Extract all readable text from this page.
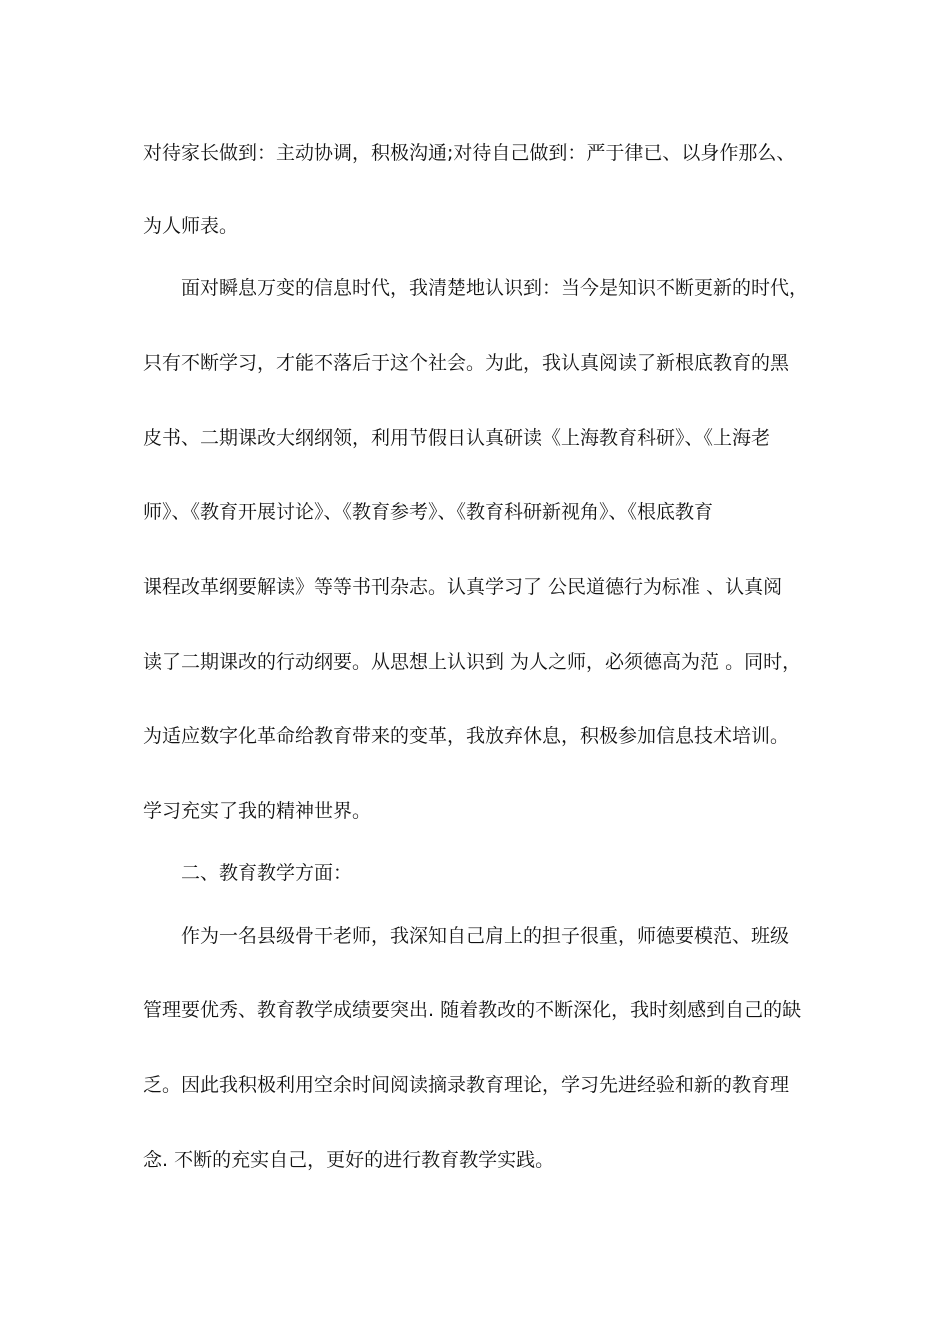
对待家长做到：主动协调，积极沟通;对待自己做到：严于律已、以身作那么、
为人师表。
面对瞬息万变的信息时代，我清楚地认识到：当今是知识不断更新的时代，
只有不断学习，才能不落后于这个社会。为此，我认真阅读了新根底教育的黑
皮书、二期课改大纲纲领，利用节假日认真研读《上海教育科研》、《上海老
师》、《教育开展讨论》、《教育参考》、《教育科研新视角》、《根底教育
课程改革纲要解读》等等书刊杂志。认真学习了 公民道德行为标准 、认真阅
读了二期课改的行动纲要。从思想上认识到 为人之师，必须德高为范 。同时，
为适应数字化革命给教育带来的变革，我放弃休息，积极参加信息技术培训。
学习充实了我的精神世界。
二、教育教学方面：
作为一名县级骨干老师，我深知自己肩上的担子很重，师德要模范、班级
管理要优秀、教育教学成绩要突出. 随着教改的不断深化，我时刻感到自己的缺
乏。因此我积极利用空余时间阅读摘录教育理论，学习先进经验和新的教育理
念. 不断的充实自己，更好的进行教育教学实践。
